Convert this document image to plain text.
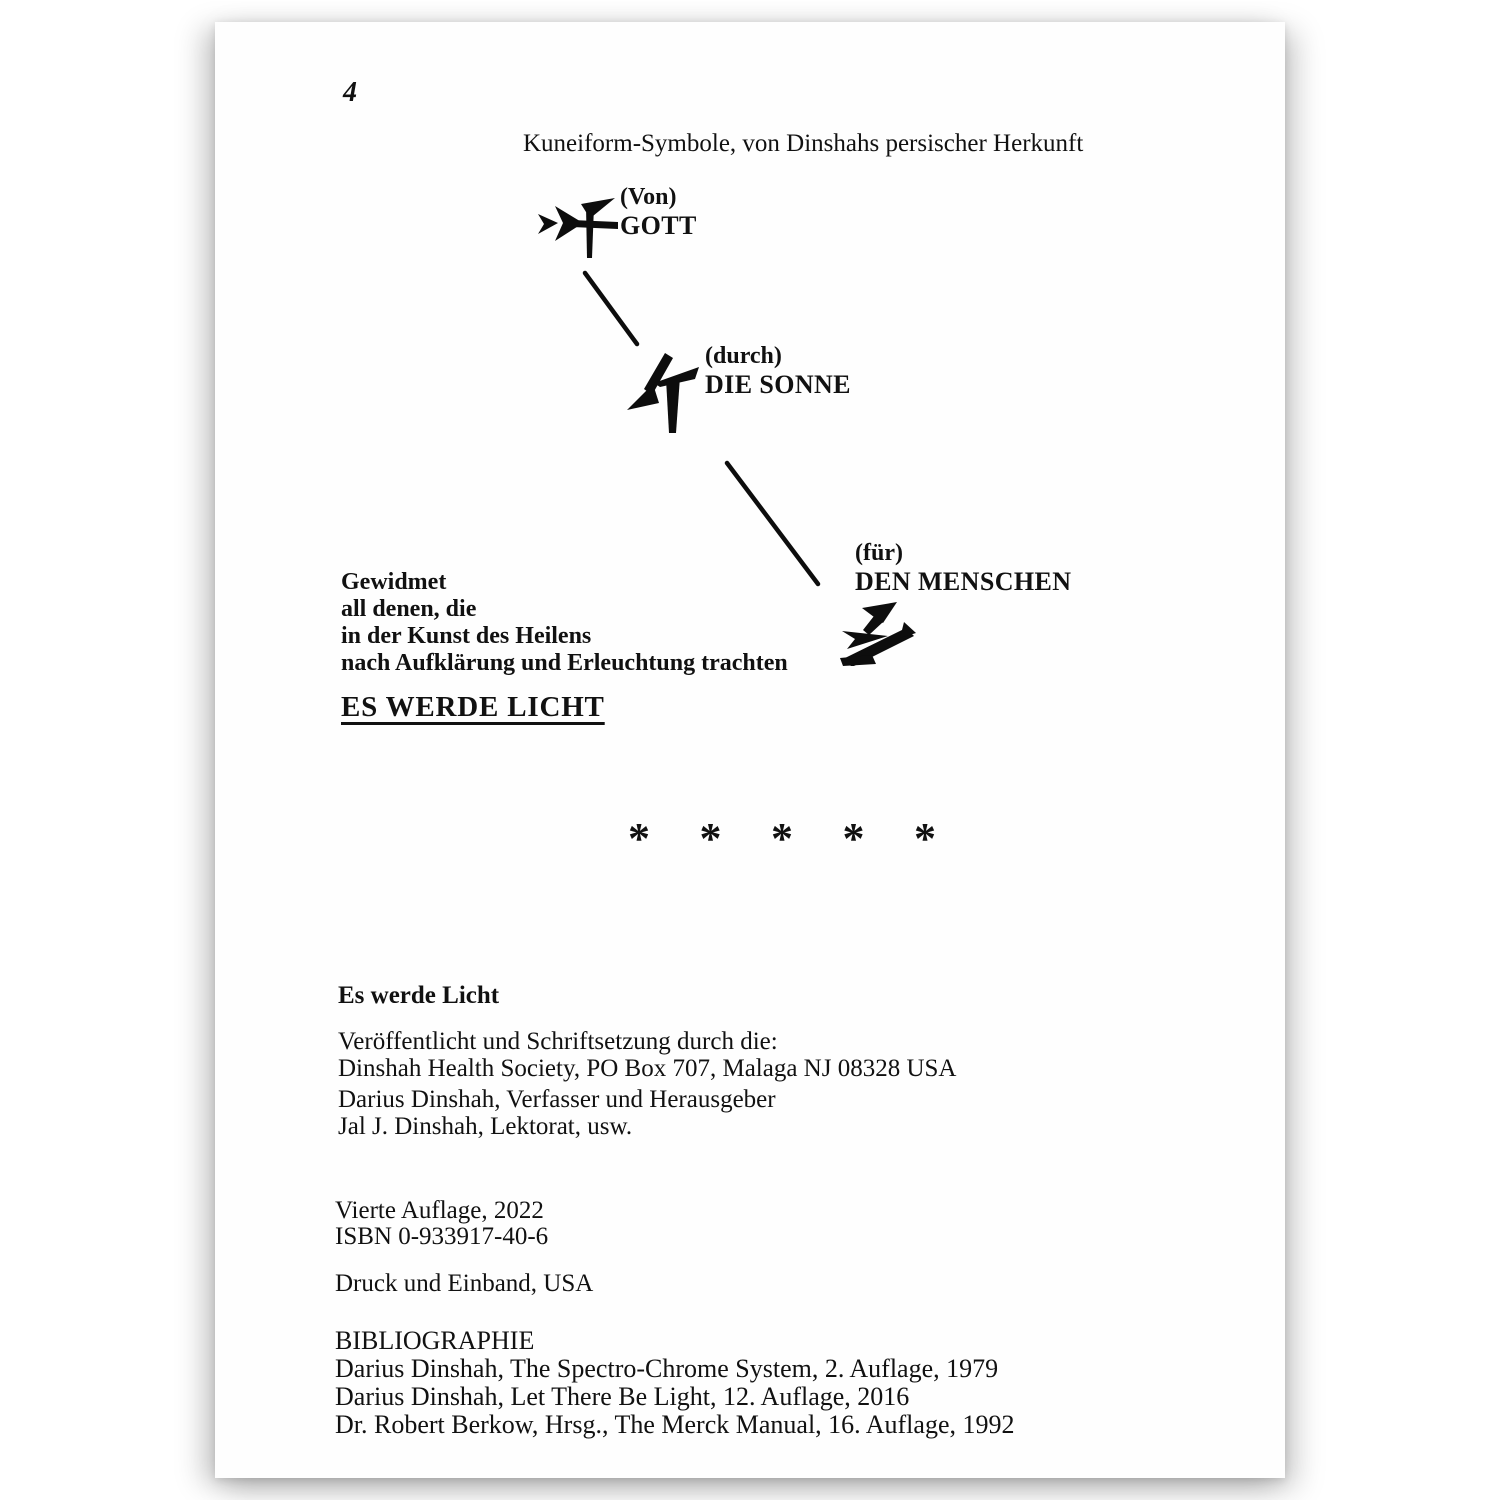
4
Kuneiform-Symbole, von Dinshahs persischer Herkunft
(Von)
GOTT
(durch)
DIE SONNE
(für)
DEN MENSCHEN
Gewidmet
all denen, die
in der Kunst des Heilens
nach Aufklärung und Erleuchtung trachten
ES WERDE LICHT
* * * * *
Es werde Licht
Veröffentlicht und Schriftsetzung durch die:
Dinshah Health Society, PO Box 707, Malaga NJ 08328 USA
Darius Dinshah, Verfasser und Herausgeber
Jal J. Dinshah, Lektorat, usw.
Vierte Auflage, 2022
ISBN 0-933917-40-6
Druck und Einband, USA
BIBLIOGRAPHIE
Darius Dinshah, The Spectro-Chrome System, 2. Auflage, 1979
Darius Dinshah, Let There Be Light, 12. Auflage, 2016
Dr. Robert Berkow, Hrsg., The Merck Manual, 16. Auflage, 1992
